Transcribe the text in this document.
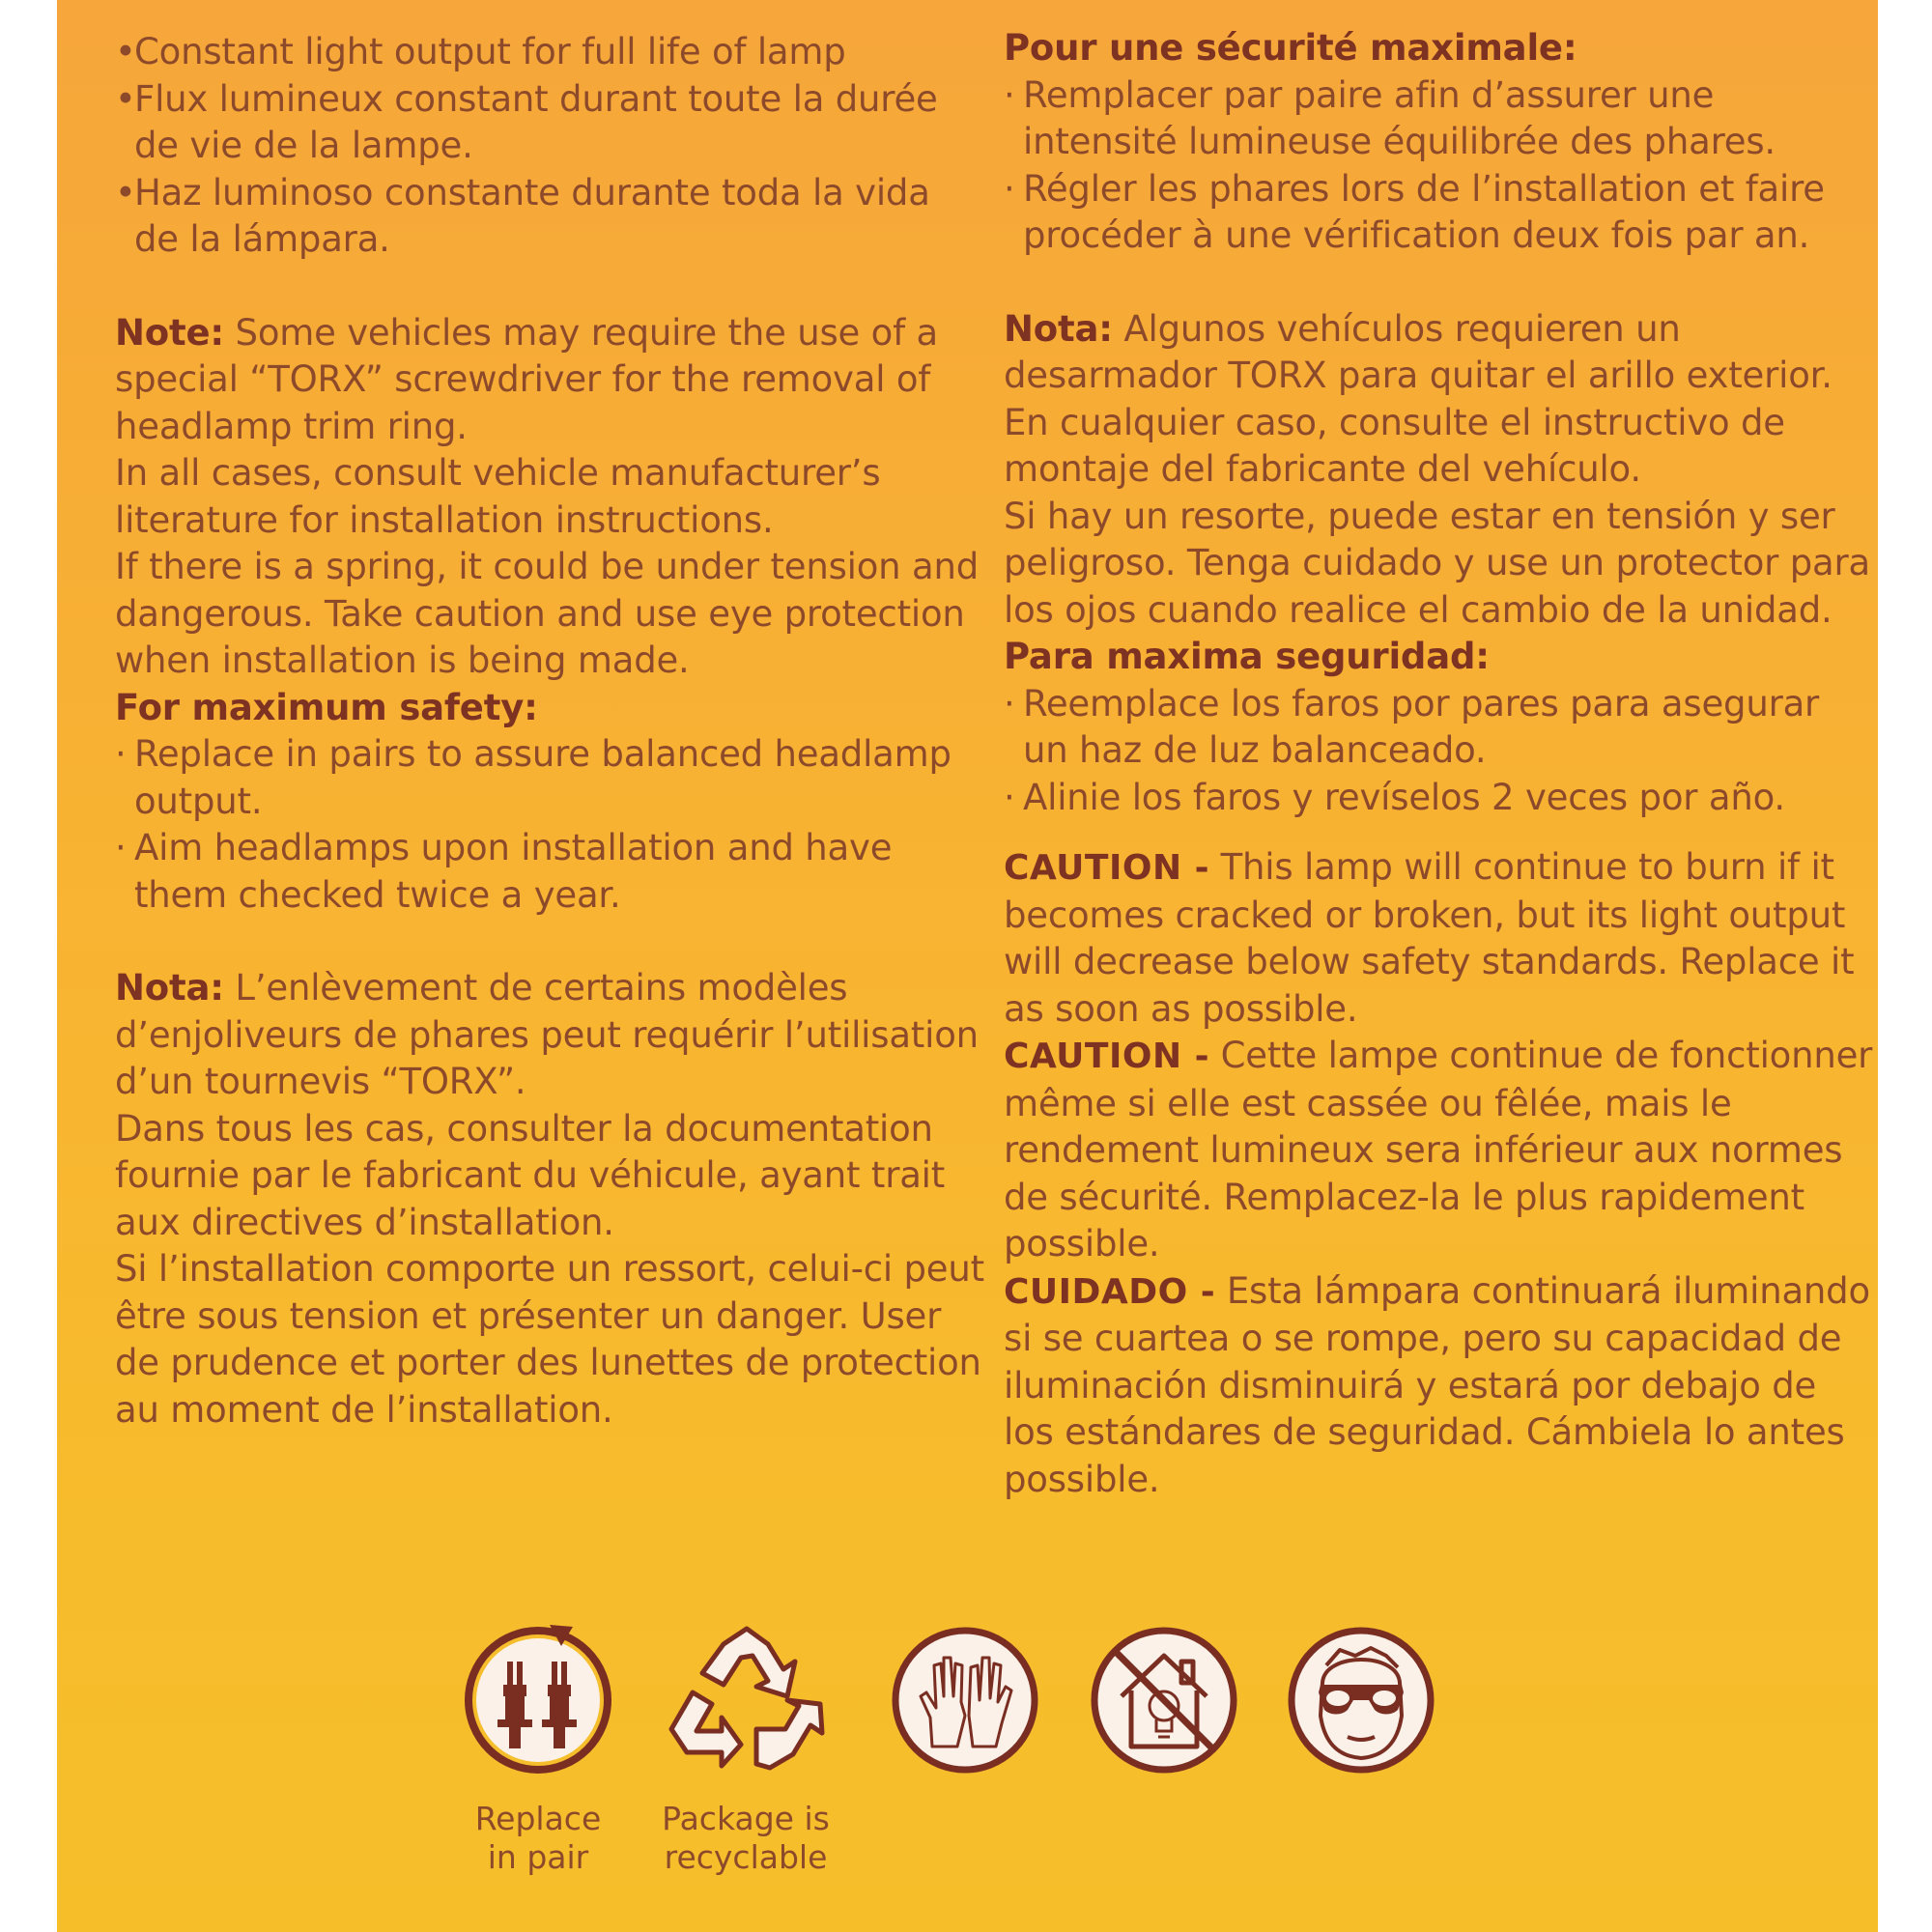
•
Constant light output for full life of lamp
•
Flux lumineux constant durant toute la durée de vie de la lampe.
•
Haz luminoso constante durante toda la vida de la lámpara.

Note: Some vehicles may require the use of a special “TORX” screwdriver for the removal of headlamp trim ring.

In all cases, consult vehicle manufacturer’s literature for installation instructions.

If there is a spring, it could be under tension and dangerous. Take caution and use eye protection when installation is being made.

For maximum safety:

· Replace in pairs to assure balanced headlamp output.
· Aim headlamps upon installation and have them checked twice a year.

Nota: L’enlèvement de certains modèles d’enjoliveurs de phares peut requérir l’utilisation d’un tournevis “TORX”.

Dans tous les cas, consulter la documentation fournie par le fabricant du véhicule, ayant trait aux directives d’installation.

Si l’installation comporte un ressort, celui-ci peut être sous tension et présenter un danger. User de prudence et porter des lunettes de protection au moment de l’installation.

Pour une sécurité maximale:

· Remplacer par paire afin d’assurer une intensité lumineuse équilibrée des phares.
· Régler les phares lors de l’installation et faire procéder à une vérification deux fois par an.

Nota: Algunos vehículos requieren un desarmador TORX para quitar el arillo exterior.

En cualquier caso, consulte el instructivo de montaje del fabricante del vehículo.

Si hay un resorte, puede estar en tensión y ser peligroso. Tenga cuidado y use un protector para los ojos cuando realice el cambio de la unidad.

Para maxima seguridad:

· Reemplace los faros por pares para asegurar un haz de luz balanceado.
· Alinie los faros y revíselos 2 veces por año.

CAUTION - This lamp will continue to burn if it becomes cracked or broken, but its light output will decrease below safety standards. Replace it as soon as possible.

CAUTION - Cette lampe continue de fonctionner même si elle est cassée ou fêlée, mais le rendement lumineux sera inférieur aux normes de sécurité. Remplacez-la le plus rapidement possible.

CUIDADO - Esta lámpara continuará iluminando si se cuartea o se rompe, pero su capacidad de iluminación disminuirá y estará por debajo de los estándares de seguridad. Cámbiela lo antes possible.

Replace
in pair
Package is
recyclable
